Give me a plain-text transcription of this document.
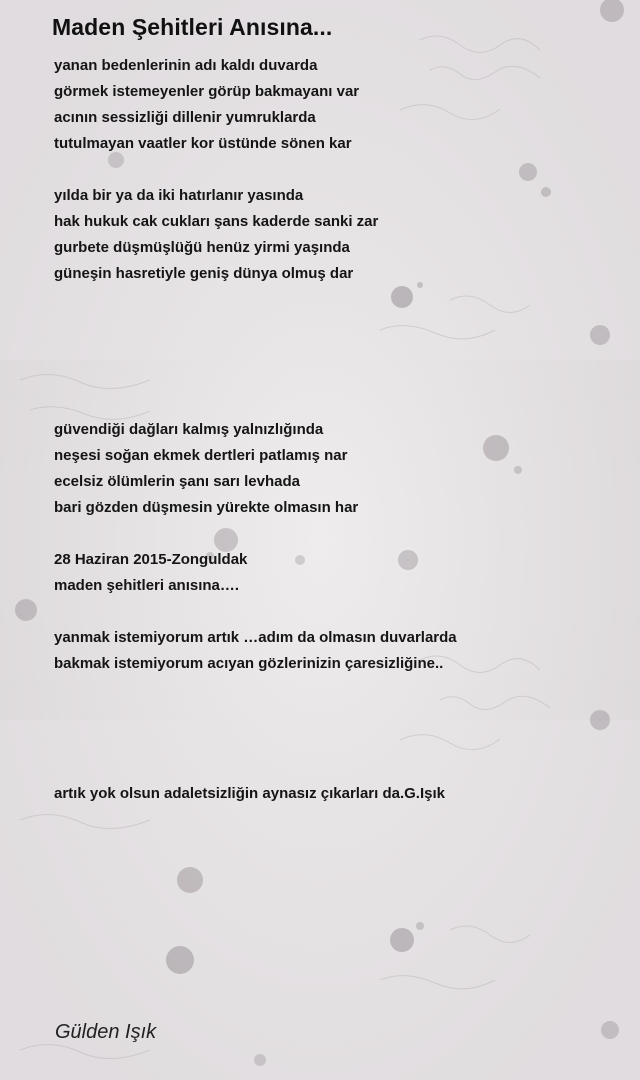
Maden Şehitleri Anısına...
yanan bedenlerinin adı kaldı duvarda
görmek istemeyenler görüp bakmayanı var
acının sessizliği dillenir yumruklarda
tutulmayan vaatler kor üstünde sönen kar
yılda bir ya da iki hatırlanır yasında
hak hukuk cak cukları şans kaderde sanki zar
gurbete düşmüşlüğü henüz yirmi yaşında
güneşin hasretiyle geniş dünya olmuş dar
güvendiği dağları kalmış yalnızlığında
neşesi soğan ekmek dertleri patlamış nar
ecelsiz ölümlerin şanı sarı levhada
bari gözden düşmesin yürekte olmasın har
28 Haziran 2015-Zonguldak
maden şehitleri anısına….
yanmak istemiyorum artık …adım da olmasın duvarlarda
bakmak istemiyorum acıyan gözlerinizin çaresizliğine..
artık yok olsun adaletsizliğin aynasız çıkarları da.G.Işık
Gülden Işık
